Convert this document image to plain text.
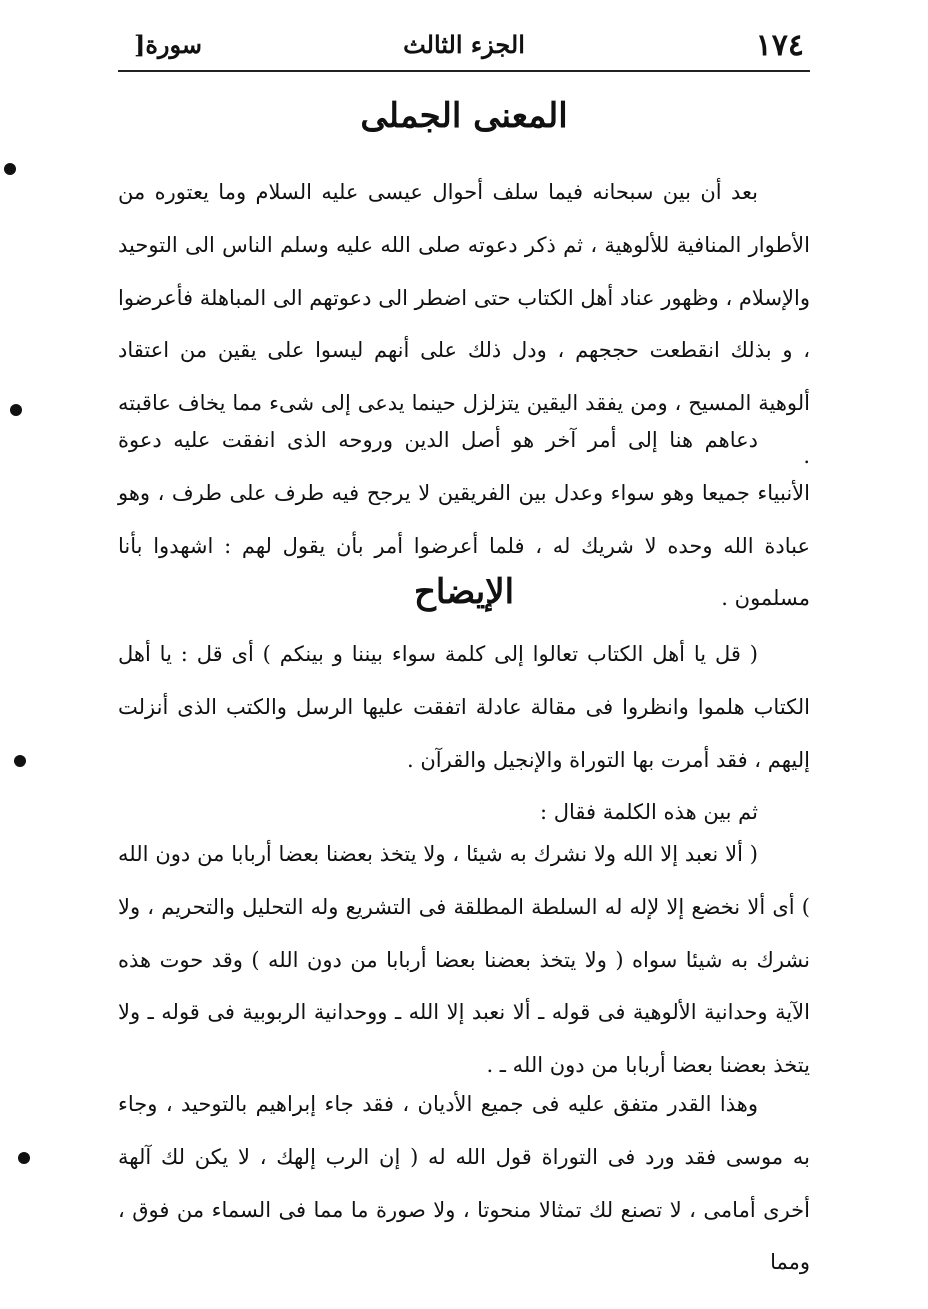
١٧٤
الجزء الثالث
سورة[
المعنى الجملى

بعد أن بين سبحانه فيما سلف أحوال عيسى عليه السلام وما يعتوره من الأطوار المنافية للألوهية ، ثم ذكر دعوته صلى الله عليه وسلم الناس الى التوحيد والإسلام ، وظهور عناد أهل الكتاب حتى اضطر الى دعوتهم الى المباهلة فأعرضوا ، و بذلك انقطعت حججهم ، ودل ذلك على أنهم ليسوا على يقين من اعتقاد ألوهية المسيح ، ومن يفقد اليقين يتزلزل حينما يدعى إلى شىء مما يخاف عاقبته .

دعاهم هنا إلى أمر آخر هو أصل الدين وروحه الذى انفقت عليه دعوة الأنبياء جميعا وهو سواء وعدل بين الفريقين لا يرجح فيه طرف على طرف ، وهو عبادة الله وحده لا شريك له ، فلما أعرضوا أمر بأن يقول لهم : اشهدوا بأنا مسلمون .

الإيضاح

( قل يا أهل الكتاب تعالوا إلى كلمة سواء بيننا و بينكم ) أى قل : يا أهل الكتاب هلموا وانظروا فى مقالة عادلة اتفقت عليها الرسل والكتب الذى أنزلت إليهم ، فقد أمرت بها التوراة والإنجيل والقرآن .

ثم بين هذه الكلمة فقال :

( ألا نعبد إلا الله ولا نشرك به شيئا ، ولا يتخذ بعضنا بعضا أربابا من دون الله ) أى ألا نخضع إلا لإله له السلطة المطلقة فى التشريع وله التحليل والتحريم ، ولا نشرك به شيئا سواه ( ولا يتخذ بعضنا بعضا أربابا من دون الله ) وقد حوت هذه الآية وحدانية الألوهية فى قوله ـ ألا نعبد إلا الله ـ ووحدانية الربوبية فى قوله ـ ولا يتخذ بعضنا بعضا أربابا من دون الله ـ .

وهذا القدر متفق عليه فى جميع الأديان ، فقد جاء إبراهيم بالتوحيد ، وجاء به موسى فقد ورد فى التوراة قول الله له ( إن الرب إلهك ، لا يكن لك آلهة أخرى أمامى ، لا تصنع لك تمثالا منحوتا ، ولا صورة ما مما فى السماء من فوق ، ومما
